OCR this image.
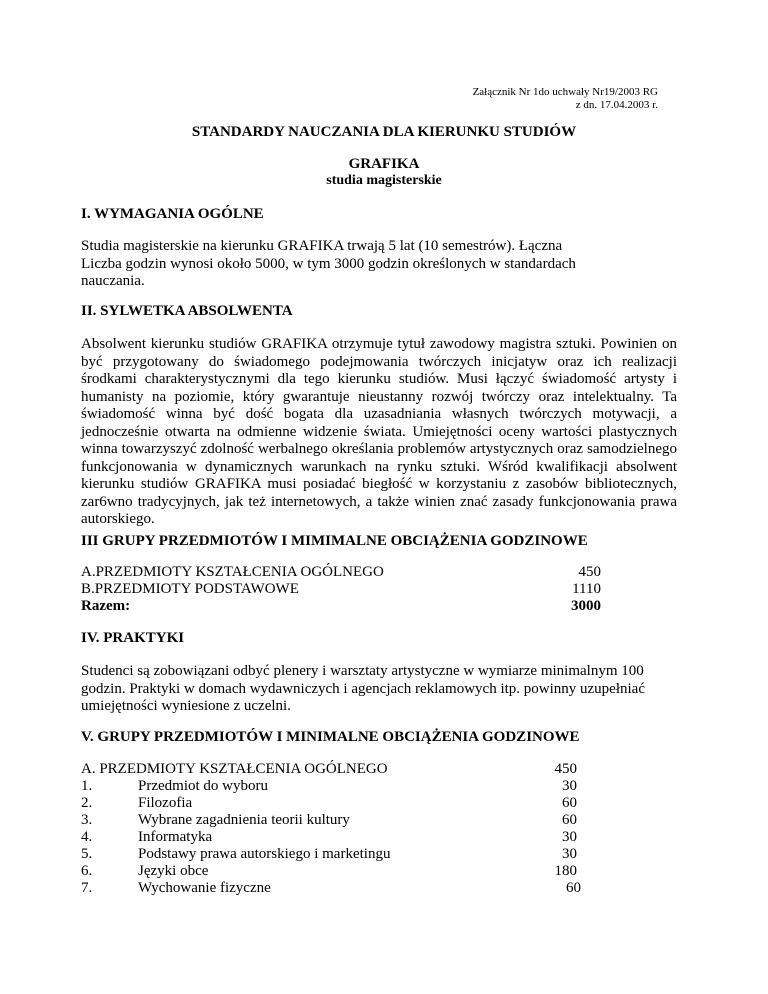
Załącznik Nr 1do uchwały Nr19/2003 RG
z dn. 17.04.2003 r.
STANDARDY NAUCZANIA DLA KIERUNKU STUDIÓW
GRAFIKA
studia magisterskie
I. WYMAGANIA OGÓLNE
Studia magisterskie na kierunku GRAFIKA trwają 5 lat (10 semestrów). Łączna
Liczba godzin wynosi około 5000, w tym 3000 godzin określonych w standardach
nauczania.
II. SYLWETKA ABSOLWENTA
Absolwent kierunku studiów GRAFIKA otrzymuje tytuł zawodowy magistra sztuki. Powinien on być przygotowany do świadomego podejmowania twórczych inicjatyw oraz ich realizacji środkami charakterystycznymi dla tego kierunku studiów. Musi łączyć świadomość artysty i humanisty na poziomie, który gwarantuje nieustanny rozwój twórczy oraz intelektualny. Ta świadomość winna być dość bogata dla uzasadniania własnych twórczych motywacji, a jednocześnie otwarta na odmienne widzenie świata. Umiejętności oceny wartości plastycznych winna towarzyszyć zdolność werbalnego określania problemów artystycznych oraz samodzielnego funkcjonowania w dynamicznych warunkach na rynku sztuki. Wśród kwalifikacji absolwent kierunku studiów GRAFIKA musi posiadać biegłość w korzystaniu z zasobów bibliotecznych, zar6wno tradycyjnych, jak też internetowych, a także winien znać zasady funkcjonowania prawa autorskiego.
III GRUPY PRZEDMIOTÓW I MIMIMALNE OBCIĄŻENIA GODZINOWE
A.PRZEDMIOTY KSZTAŁCENIA OGÓLNEGO	450
B.PRZEDMIOTY PODSTAWOWE	1110
Razem:	3000
IV. PRAKTYKI
Studenci są zobowiązani odbyć plenery i warsztaty artystyczne w wymiarze minimalnym 100 godzin. Praktyki w domach wydawniczych i agencjach reklamowych itp. powinny uzupełniać umiejętności wyniesione z uczelni.
V. GRUPY PRZEDMIOTÓW I MINIMALNE OBCIĄŻENIA GODZINOWE
A. PRZEDMIOTY KSZTAŁCENIA OGÓLNEGO	450
1.	Przedmiot do wyboru	30
2.	Filozofia	60
3.	Wybrane zagadnienia teorii kultury	60
4.	Informatyka	30
5.	Podstawy prawa autorskiego i marketingu	30
6.	Języki obce	180
7.	Wychowanie fizyczne	60
